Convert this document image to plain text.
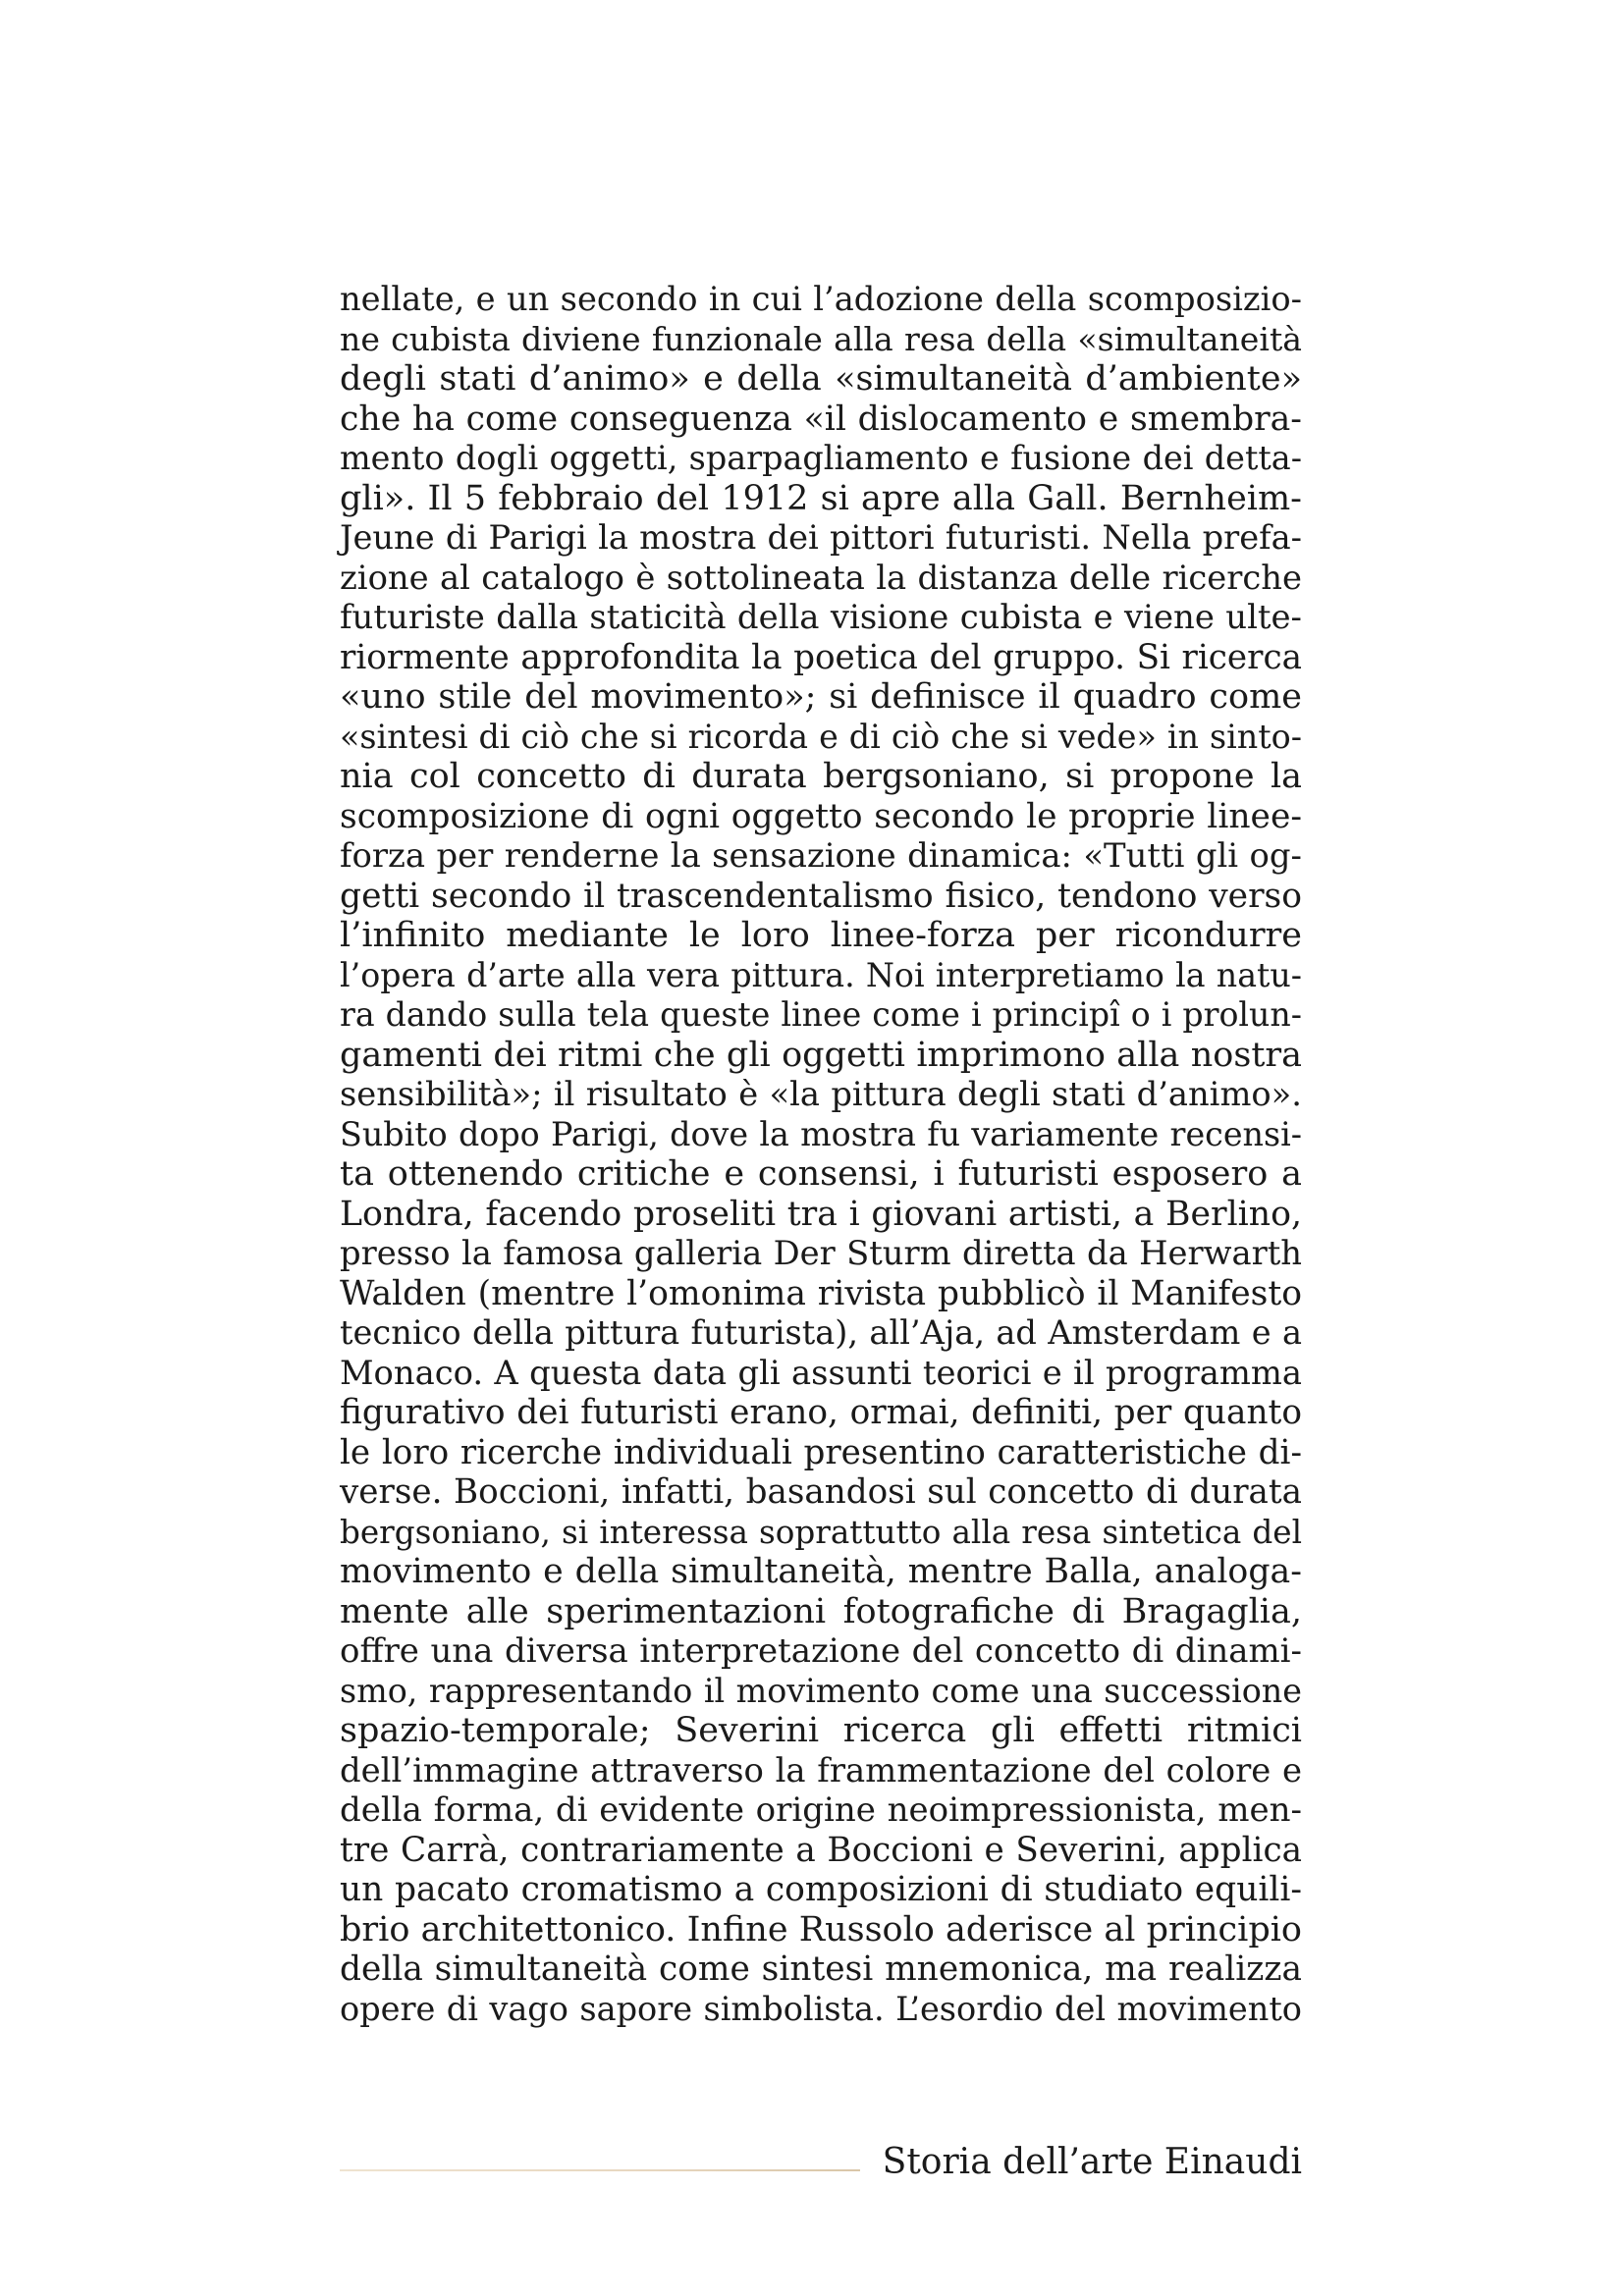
nellate, e un secondo in cui l’adozione della scomposizio-
ne cubista diviene funzionale alla resa della «simultaneità
degli stati d’animo» e della «simultaneità d’ambiente»
che ha come conseguenza «il dislocamento e smembra-
mento dogli oggetti, sparpagliamento e fusione dei detta-
gli». Il 5 febbraio del 1912 si apre alla Gall. Bernheim-
Jeune di Parigi la mostra dei pittori futuristi. Nella prefa-
zione al catalogo è sottolineata la distanza delle ricerche
futuriste dalla staticità della visione cubista e viene ulte-
riormente approfondita la poetica del gruppo. Si ricerca
«uno stile del movimento»; si definisce il quadro come
«sintesi di ciò che si ricorda e di ciò che si vede» in sinto-
nia col concetto di durata bergsoniano, si propone la
scomposizione di ogni oggetto secondo le proprie linee-
forza per renderne la sensazione dinamica: «Tutti gli og-
getti secondo il trascendentalismo fisico, tendono verso
l’infinito mediante le loro linee-forza per ricondurre
l’opera d’arte alla vera pittura. Noi interpretiamo la natu-
ra dando sulla tela queste linee come i principî o i prolun-
gamenti dei ritmi che gli oggetti imprimono alla nostra
sensibilità»; il risultato è «la pittura degli stati d’animo».
Subito dopo Parigi, dove la mostra fu variamente recensi-
ta ottenendo critiche e consensi, i futuristi esposero a
Londra, facendo proseliti tra i giovani artisti, a Berlino,
presso la famosa galleria Der Sturm diretta da Herwarth
Walden (mentre l’omonima rivista pubblicò il Manifesto
tecnico della pittura futurista), all’Aja, ad Amsterdam e a
Monaco. A questa data gli assunti teorici e il programma
figurativo dei futuristi erano, ormai, definiti, per quanto
le loro ricerche individuali presentino caratteristiche di-
verse. Boccioni, infatti, basandosi sul concetto di durata
bergsoniano, si interessa soprattutto alla resa sintetica del
movimento e della simultaneità, mentre Balla, analoga-
mente alle sperimentazioni fotografiche di Bragaglia,
offre una diversa interpretazione del concetto di dinami-
smo, rappresentando il movimento come una successione
spazio-temporale; Severini ricerca gli effetti ritmici
dell’immagine attraverso la frammentazione del colore e
della forma, di evidente origine neoimpressionista, men-
tre Carrà, contrariamente a Boccioni e Severini, applica
un pacato cromatismo a composizioni di studiato equili-
brio architettonico. Infine Russolo aderisce al principio
della simultaneità come sintesi mnemonica, ma realizza
opere di vago sapore simbolista. L’esordio del movimento
Storia dell’arte Einaudi
